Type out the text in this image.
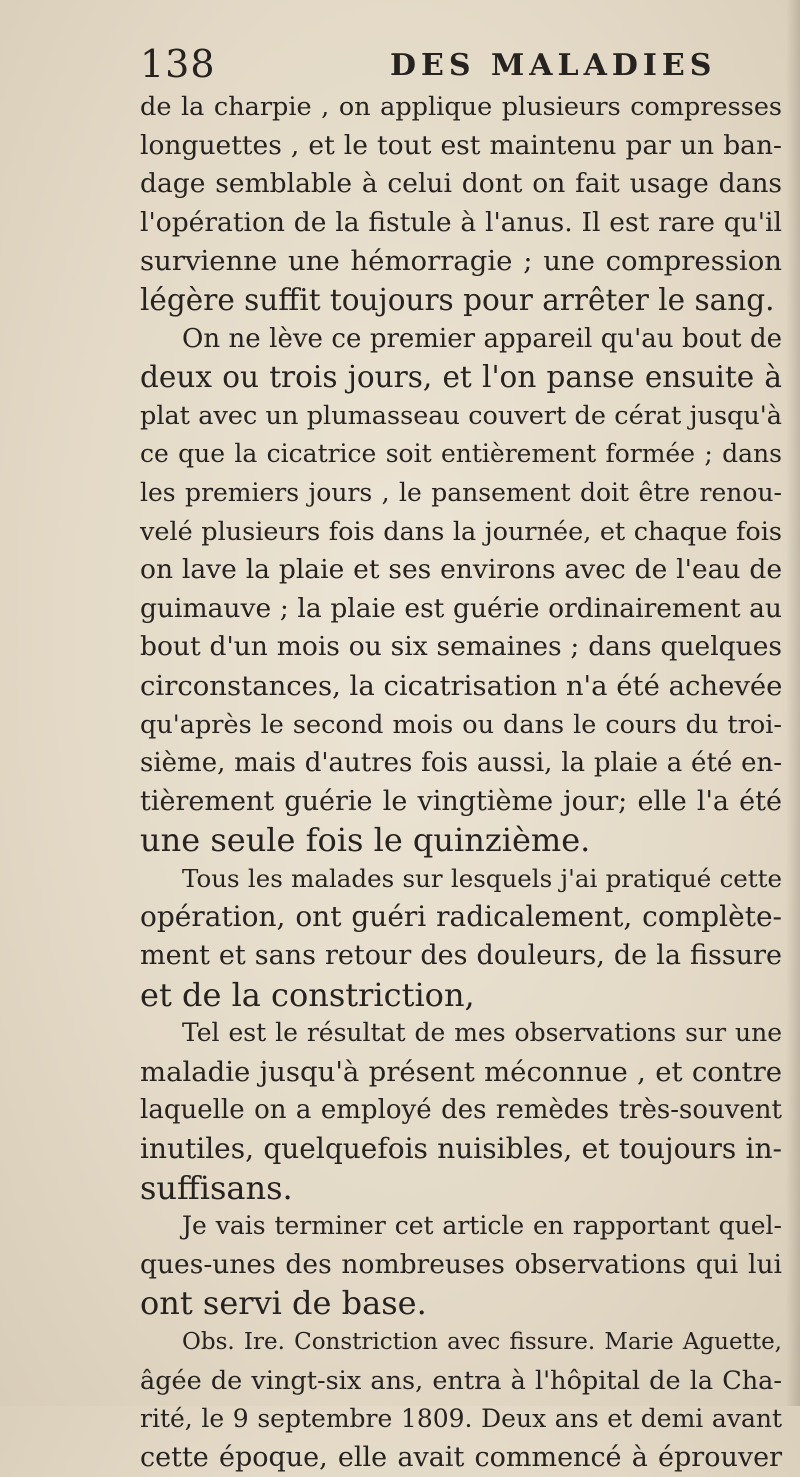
138	DES MALADIES
de la charpie , on applique plusieurs compresses
longuettes , et le tout est maintenu par un ban-
dage semblable à celui dont on fait usage dans
l'opération de la fistule à l'anus. Il est rare qu'il
survienne une hémorragie ; une compression
légère suffit toujours pour arrêter le sang.
On ne lève ce premier appareil qu'au bout de
deux ou trois jours, et l'on panse ensuite à
plat avec un plumasseau couvert de cérat jusqu'à
ce que la cicatrice soit entièrement formée ; dans
les premiers jours , le pansement doit être renou-
velé plusieurs fois dans la journée, et chaque fois
on lave la plaie et ses environs avec de l'eau de
guimauve ; la plaie est guérie ordinairement au
bout d'un mois ou six semaines ; dans quelques
circonstances, la cicatrisation n'a été achevée
qu'après le second mois ou dans le cours du troi-
sième, mais d'autres fois aussi, la plaie a été en-
tièrement guérie le vingtième jour; elle l'a été
une seule fois le quinzième.
Tous les malades sur lesquels j'ai pratiqué cette
opération, ont guéri radicalement, complète-
ment et sans retour des douleurs, de la fissure
et de la constriction,
Tel est le résultat de mes observations sur une
maladie jusqu'à présent méconnue , et contre
laquelle on a employé des remèdes très-souvent
inutiles, quelquefois nuisibles, et toujours in-
suffisans.
Je vais terminer cet article en rapportant quel-
ques-unes des nombreuses observations qui lui
ont servi de base.
Obs. Ire. Constriction avec fissure. Marie Aguette,
âgée de vingt-six ans, entra à l'hôpital de la Cha-
rité, le 9 septembre 1809. Deux ans et demi avant
cette époque, elle avait commencé à éprouver
